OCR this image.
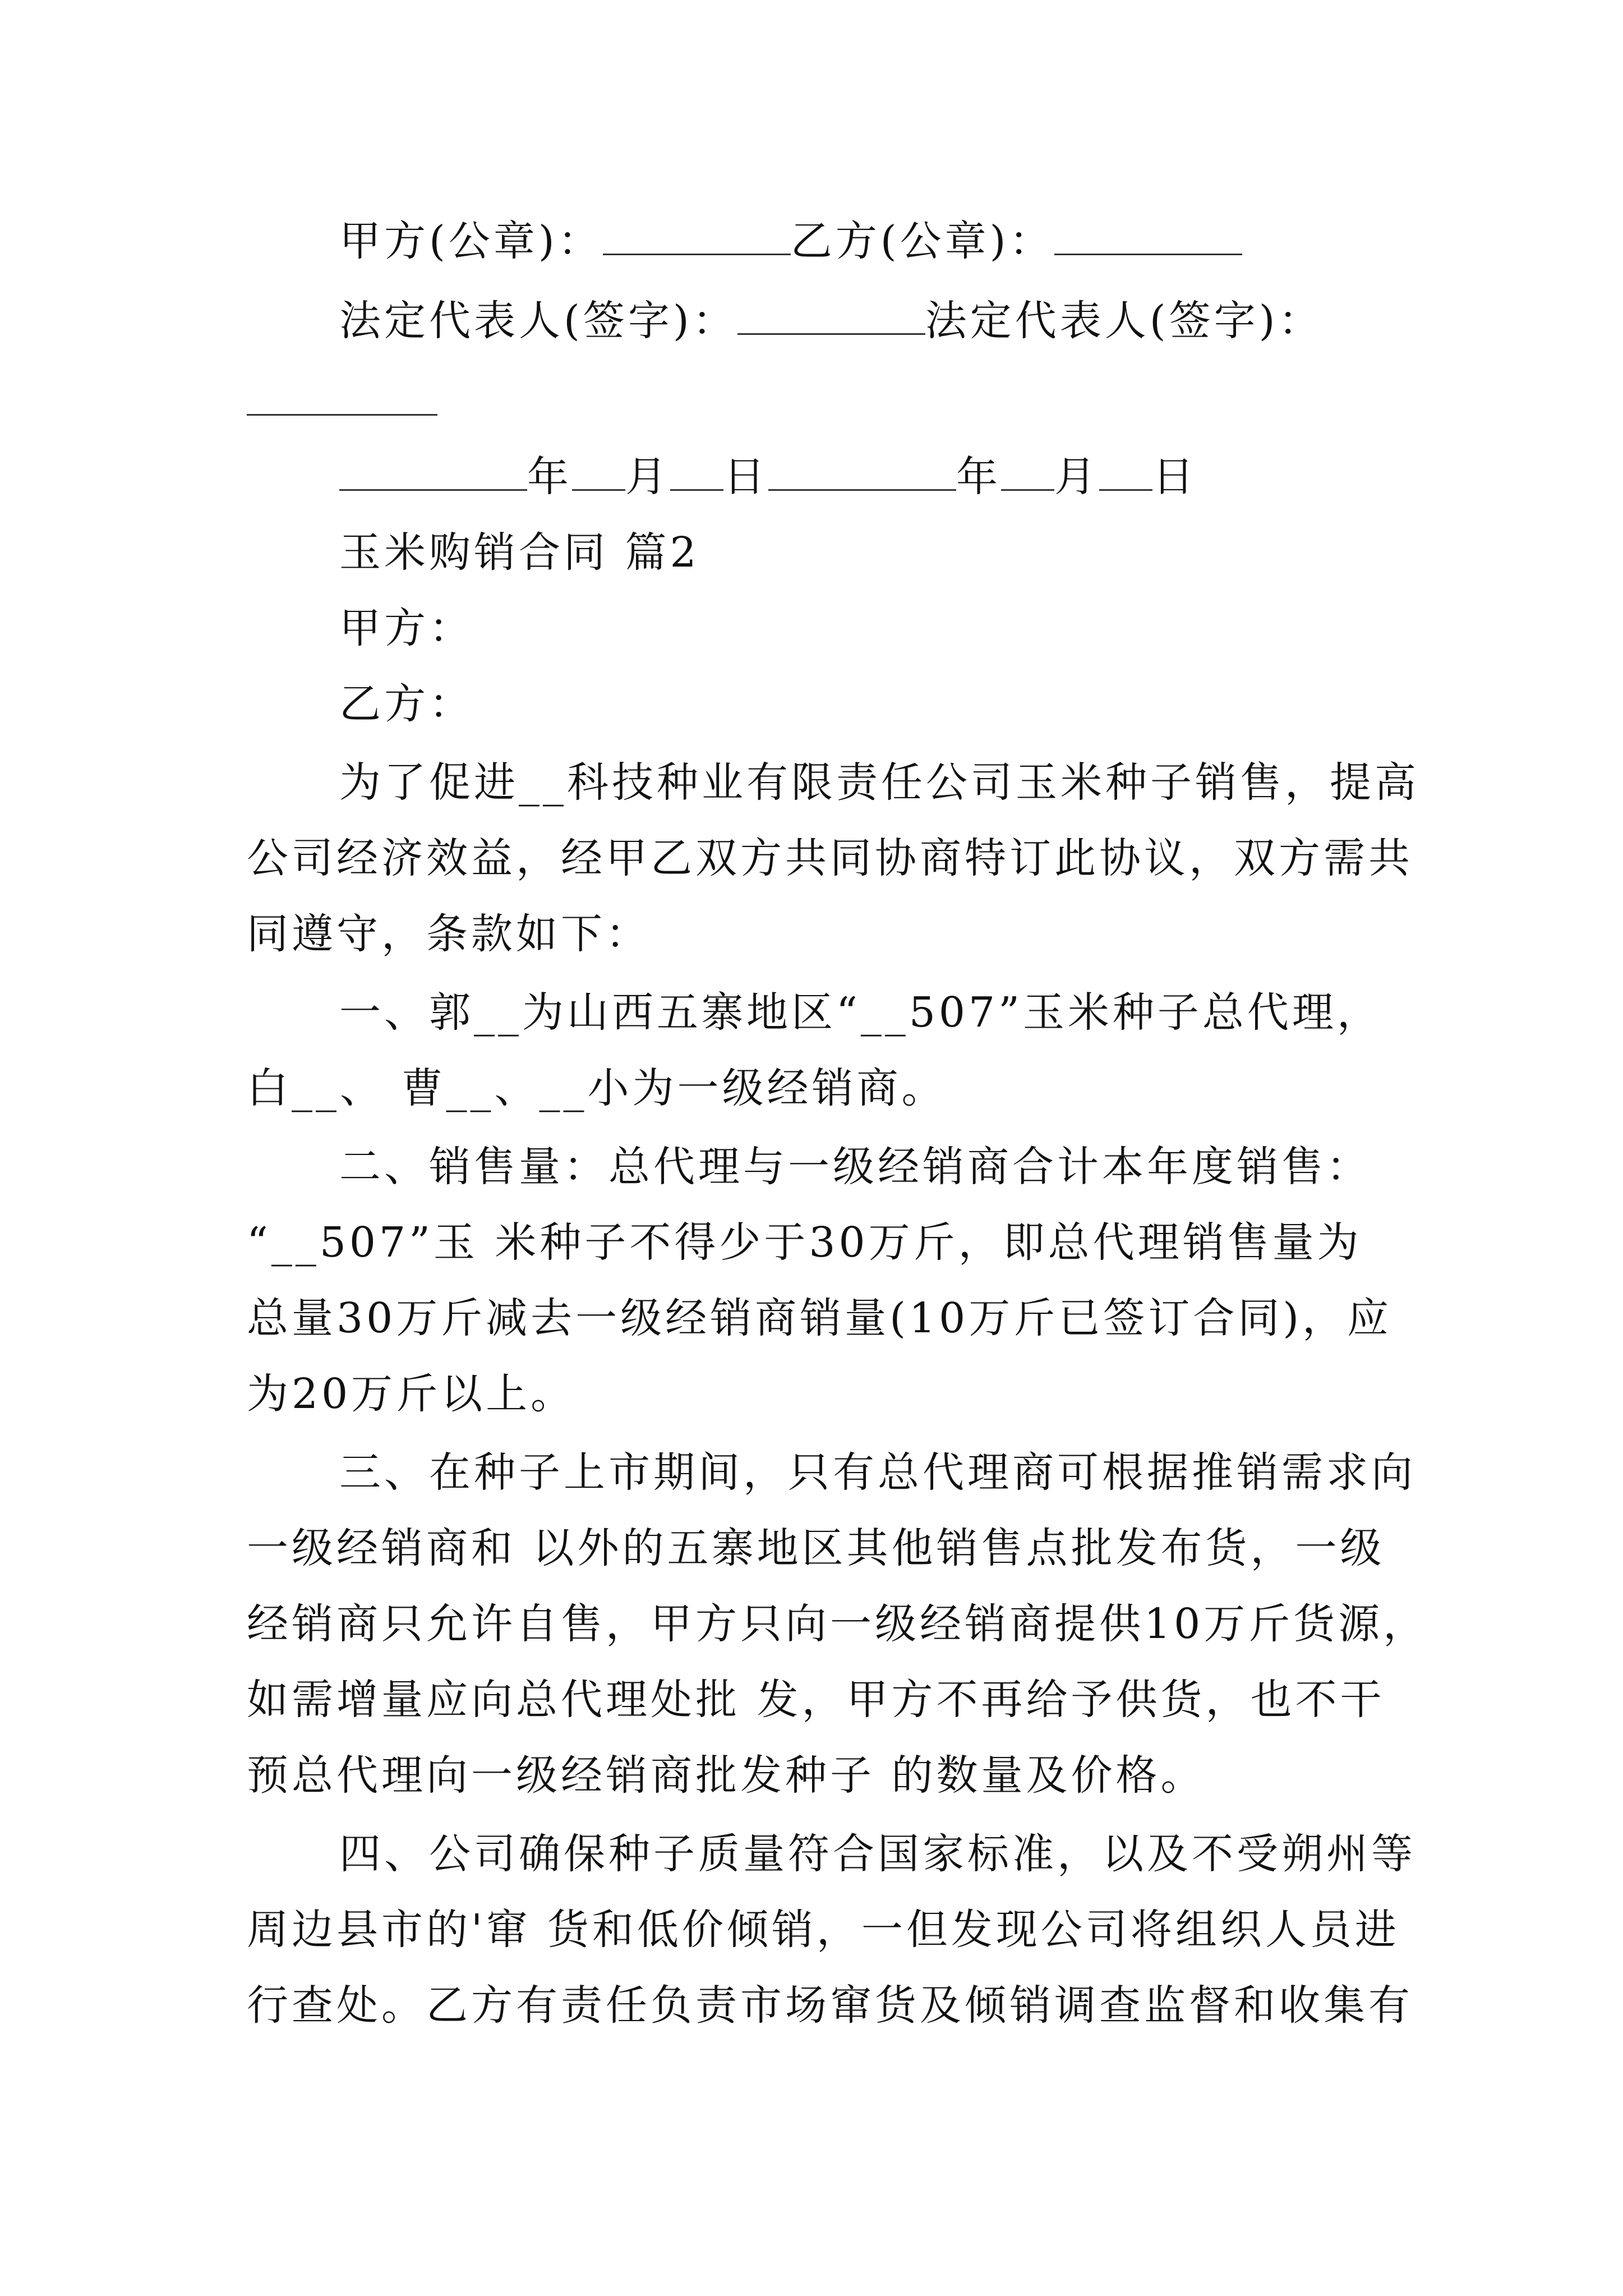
甲方(公章)：	乙方(公章)：
法定代表人(签字)：	法定代表人(签字)：
年 月 日	年 月 日
玉米购销合同 篇2
甲方：
乙方：
为了促进__科技种业有限责任公司玉米种子销售，提高
公司经济效益，经甲乙双方共同协商特订此协议，双方需共
同遵守，条款如下：
一、郭__为山西五寨地区“__507”玉米种子总代理，
白__、 曹__、__小为一级经销商。
二、销售量：总代理与一级经销商合计本年度销售：
“__507”玉 米种子不得少于30万斤，即总代理销售量为
总量30万斤减去一级经销商销量(10万斤已签订合同)，应
为20万斤以上。
三、在种子上市期间，只有总代理商可根据推销需求向
一级经销商和 以外的五寨地区其他销售点批发布货，一级
经销商只允许自售，甲方只向一级经销商提供10万斤货源，
如需增量应向总代理处批 发，甲方不再给予供货，也不干
预总代理向一级经销商批发种子 的数量及价格。
四、公司确保种子质量符合国家标准，以及不受朔州等
周边县市的'窜 货和低价倾销，一但发现公司将组织人员进
行查处。乙方有责任负责市场窜货及倾销调查监督和收集有
